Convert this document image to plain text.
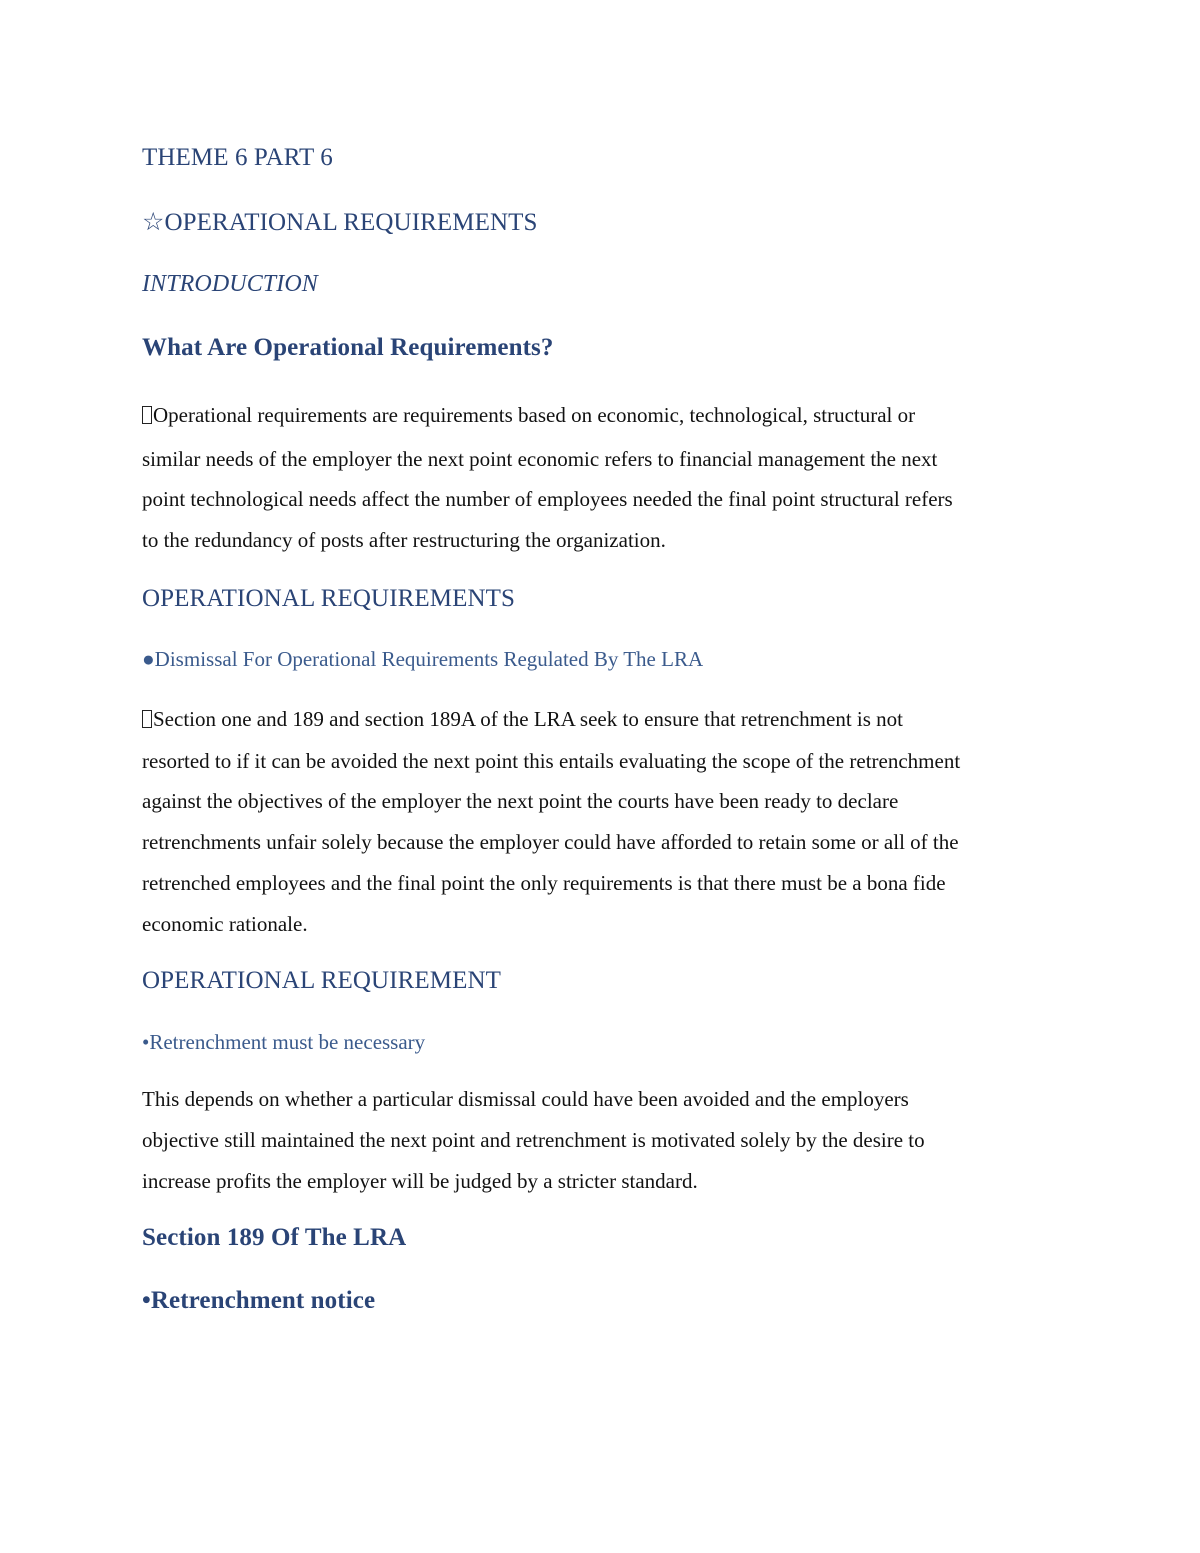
THEME 6 PART 6

☆OPERATIONAL REQUIREMENTS

INTRODUCTION

What Are Operational Requirements?

Operational requirements are requirements based on economic, technological, structural or

similar needs of the employer the next point economic refers to financial management the next

point technological needs affect the number of employees needed the final point structural refers

to the redundancy of posts after restructuring the organization.

OPERATIONAL REQUIREMENTS

●Dismissal For Operational Requirements Regulated By The LRA

Section one and 189 and section 189A of the LRA seek to ensure that retrenchment is not

resorted to if it can be avoided the next point this entails evaluating the scope of the retrenchment

against the objectives of the employer the next point the courts have been ready to declare

retrenchments unfair solely because the employer could have afforded to retain some or all of the

retrenched employees and the final point the only requirements is that there must be a bona fide

economic rationale.

OPERATIONAL REQUIREMENT

•Retrenchment must be necessary

This depends on whether a particular dismissal could have been avoided and the employers

objective still maintained the next point and retrenchment is motivated solely by the desire to

increase profits the employer will be judged by a stricter standard.

Section 189 Of The LRA

•Retrenchment notice
